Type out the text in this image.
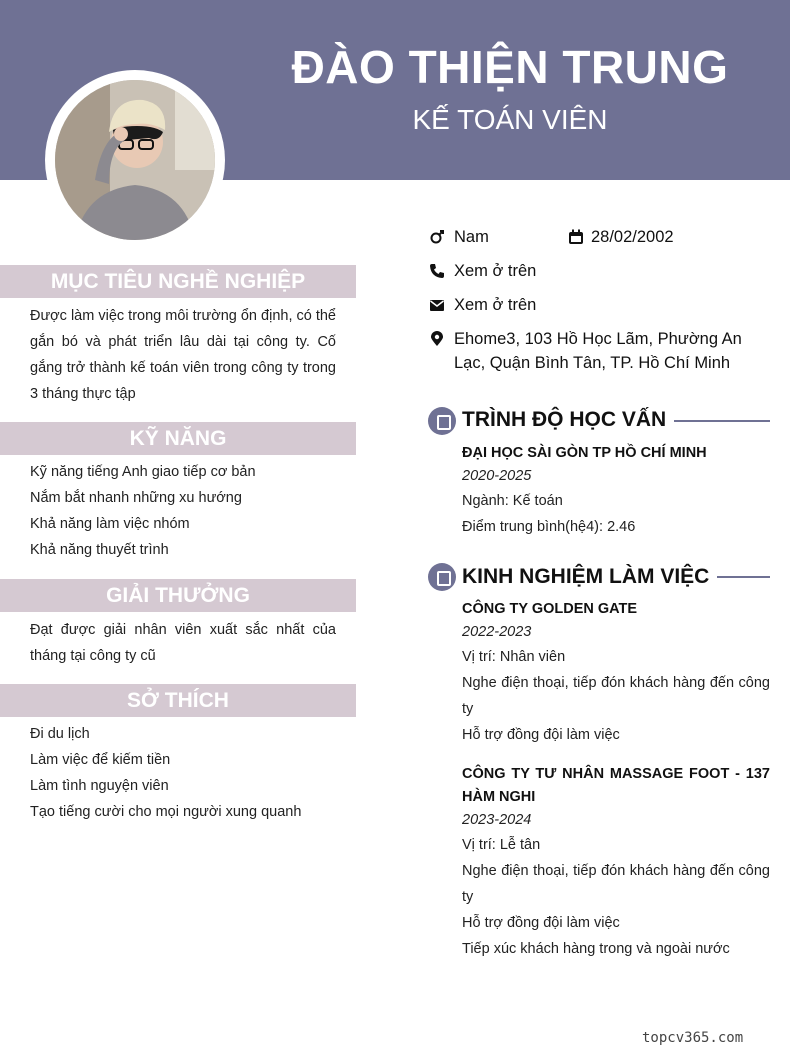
ĐÀO THIỆN TRUNG
KẾ TOÁN VIÊN
MỤC TIÊU NGHỀ NGHIỆP

Được làm việc trong môi trường ổn định, có thể gắn bó và phát triển lâu dài tại công ty. Cố gắng trở thành kế toán viên trong công ty trong 3 tháng thực tập

KỸ NĂNG
Kỹ năng tiếng Anh giao tiếp cơ bản
Nắm bắt nhanh những xu hướng
Khả năng làm việc nhóm
Khả năng thuyết trình
GIẢI THƯỞNG

Đạt được giải nhân viên xuất sắc nhất của tháng tại công ty cũ

SỞ THÍCH
Đi du lịch
Làm việc để kiếm tiền
Làm tình nguyện viên
Tạo tiếng cười cho mọi người xung quanh
Nam	28/02/2002
Xem ở trên
Xem ở trên
Ehome3, 103 Hồ Học Lãm, Phường An
Lạc, Quận Bình Tân, TP. Hồ Chí Minh
TRÌNH ĐỘ HỌC VẤN
ĐẠI HỌC SÀI GÒN TP HỒ CHÍ MINH
2020-2025
Ngành: Kế toán
Điểm trung bình(hệ4): 2.46
KINH NGHIỆM LÀM VIỆC
CÔNG TY GOLDEN GATE
2022-2023
Vị trí: Nhân viên
Nghe điện thoại, tiếp đón khách hàng đến công ty
Hỗ trợ đồng đội làm việc
CÔNG TY TƯ NHÂN MASSAGE FOOT - 137 HÀM NGHI
2023-2024
Vị trí: Lễ tân
Nghe điện thoại, tiếp đón khách hàng đến công ty
Hỗ trợ đồng đội làm việc
Tiếp xúc khách hàng trong và ngoài nước
topcv365.com
